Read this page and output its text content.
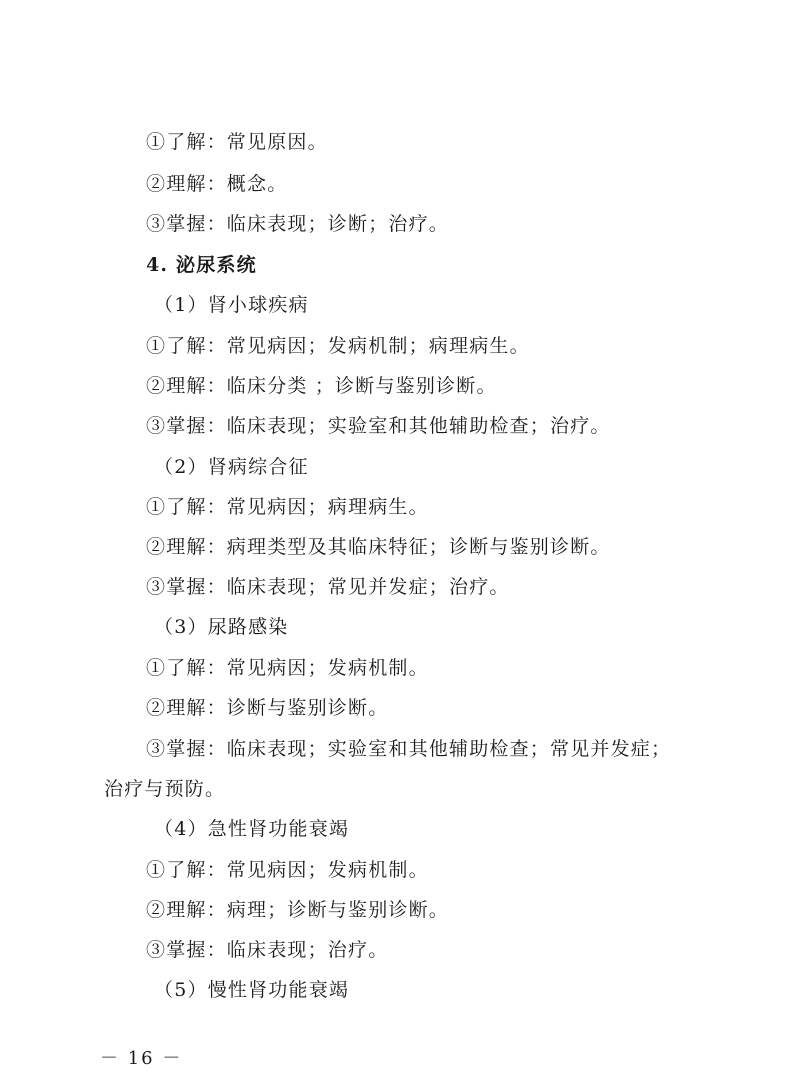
①了解：常见原因。
②理解：概念。
③掌握：临床表现；诊断；治疗。
4. 泌尿系统
（1）肾小球疾病
①了解：常见病因；发病机制；病理病生。
②理解：临床分类 ；诊断与鉴别诊断。
③掌握：临床表现；实验室和其他辅助检查；治疗。
（2）肾病综合征
①了解：常见病因；病理病生。
②理解：病理类型及其临床特征；诊断与鉴别诊断。
③掌握：临床表现；常见并发症；治疗。
（3）尿路感染
①了解：常见病因；发病机制。
②理解：诊断与鉴别诊断。
③掌握：临床表现；实验室和其他辅助检查；常见并发症；
治疗与预防。
（4）急性肾功能衰竭
①了解：常见病因；发病机制。
②理解：病理；诊断与鉴别诊断。
③掌握：临床表现；治疗。
（5）慢性肾功能衰竭
－ 16 －
